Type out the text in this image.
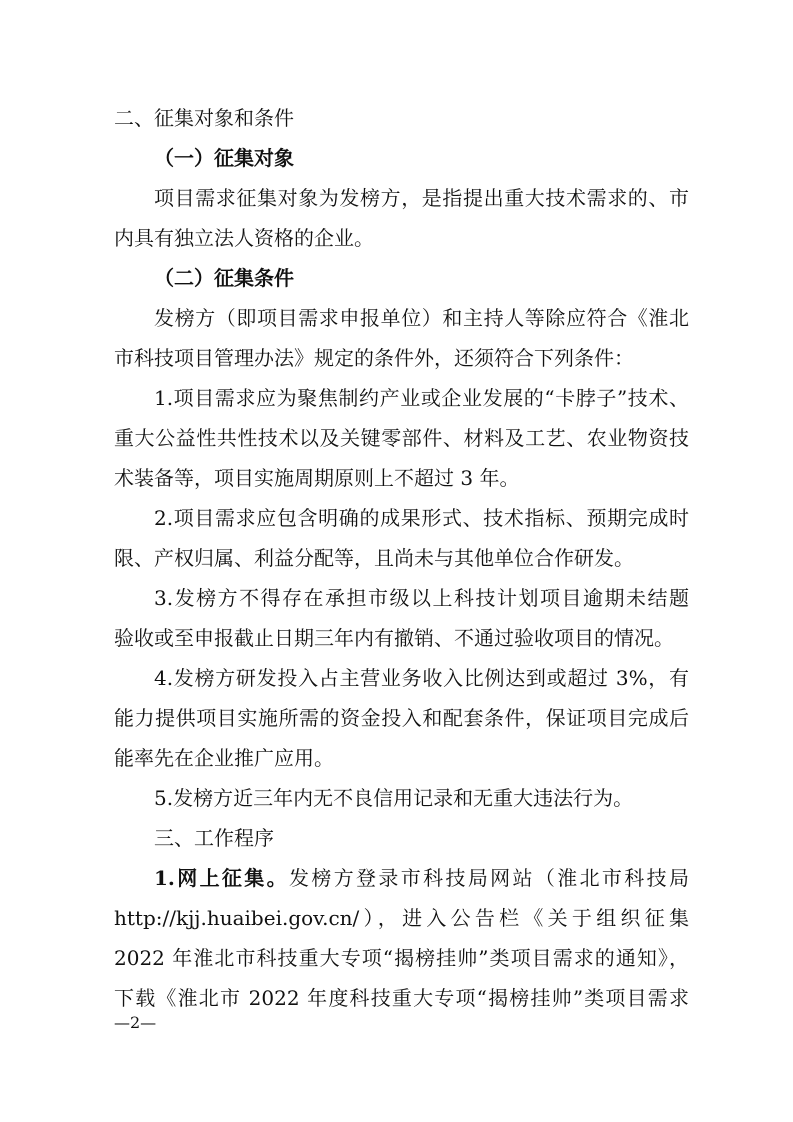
二、征集对象和条件
（一）征集对象
项目需求征集对象为发榜方，是指提出重大技术需求的、市
内具有独立法人资格的企业。
（二）征集条件
发榜方（即项目需求申报单位）和主持人等除应符合《淮北
市科技项目管理办法》规定的条件外，还须符合下列条件：
1.项目需求应为聚焦制约产业或企业发展的“卡脖子”技术、
重大公益性共性技术以及关键零部件、材料及工艺、农业物资技
术装备等，项目实施周期原则上不超过 3 年。
2.项目需求应包含明确的成果形式、技术指标、预期完成时
限、产权归属、利益分配等，且尚未与其他单位合作研发。
3.发榜方不得存在承担市级以上科技计划项目逾期未结题
验收或至申报截止日期三年内有撤销、不通过验收项目的情况。
4.发榜方研发投入占主营业务收入比例达到或超过 3%，有
能力提供项目实施所需的资金投入和配套条件，保证项目完成后
能率先在企业推广应用。
5.发榜方近三年内无不良信用记录和无重大违法行为。
三、工作程序
1.网上征集。发榜方登录市科技局网站（淮北市科技局
http://kjj.huaibei.gov.cn/），进入公告栏《关于组织征集
2022 年淮北市科技重大专项“揭榜挂帅”类项目需求的通知》，
下载《淮北市 2022 年度科技重大专项“揭榜挂帅”类项目需求
—2—
